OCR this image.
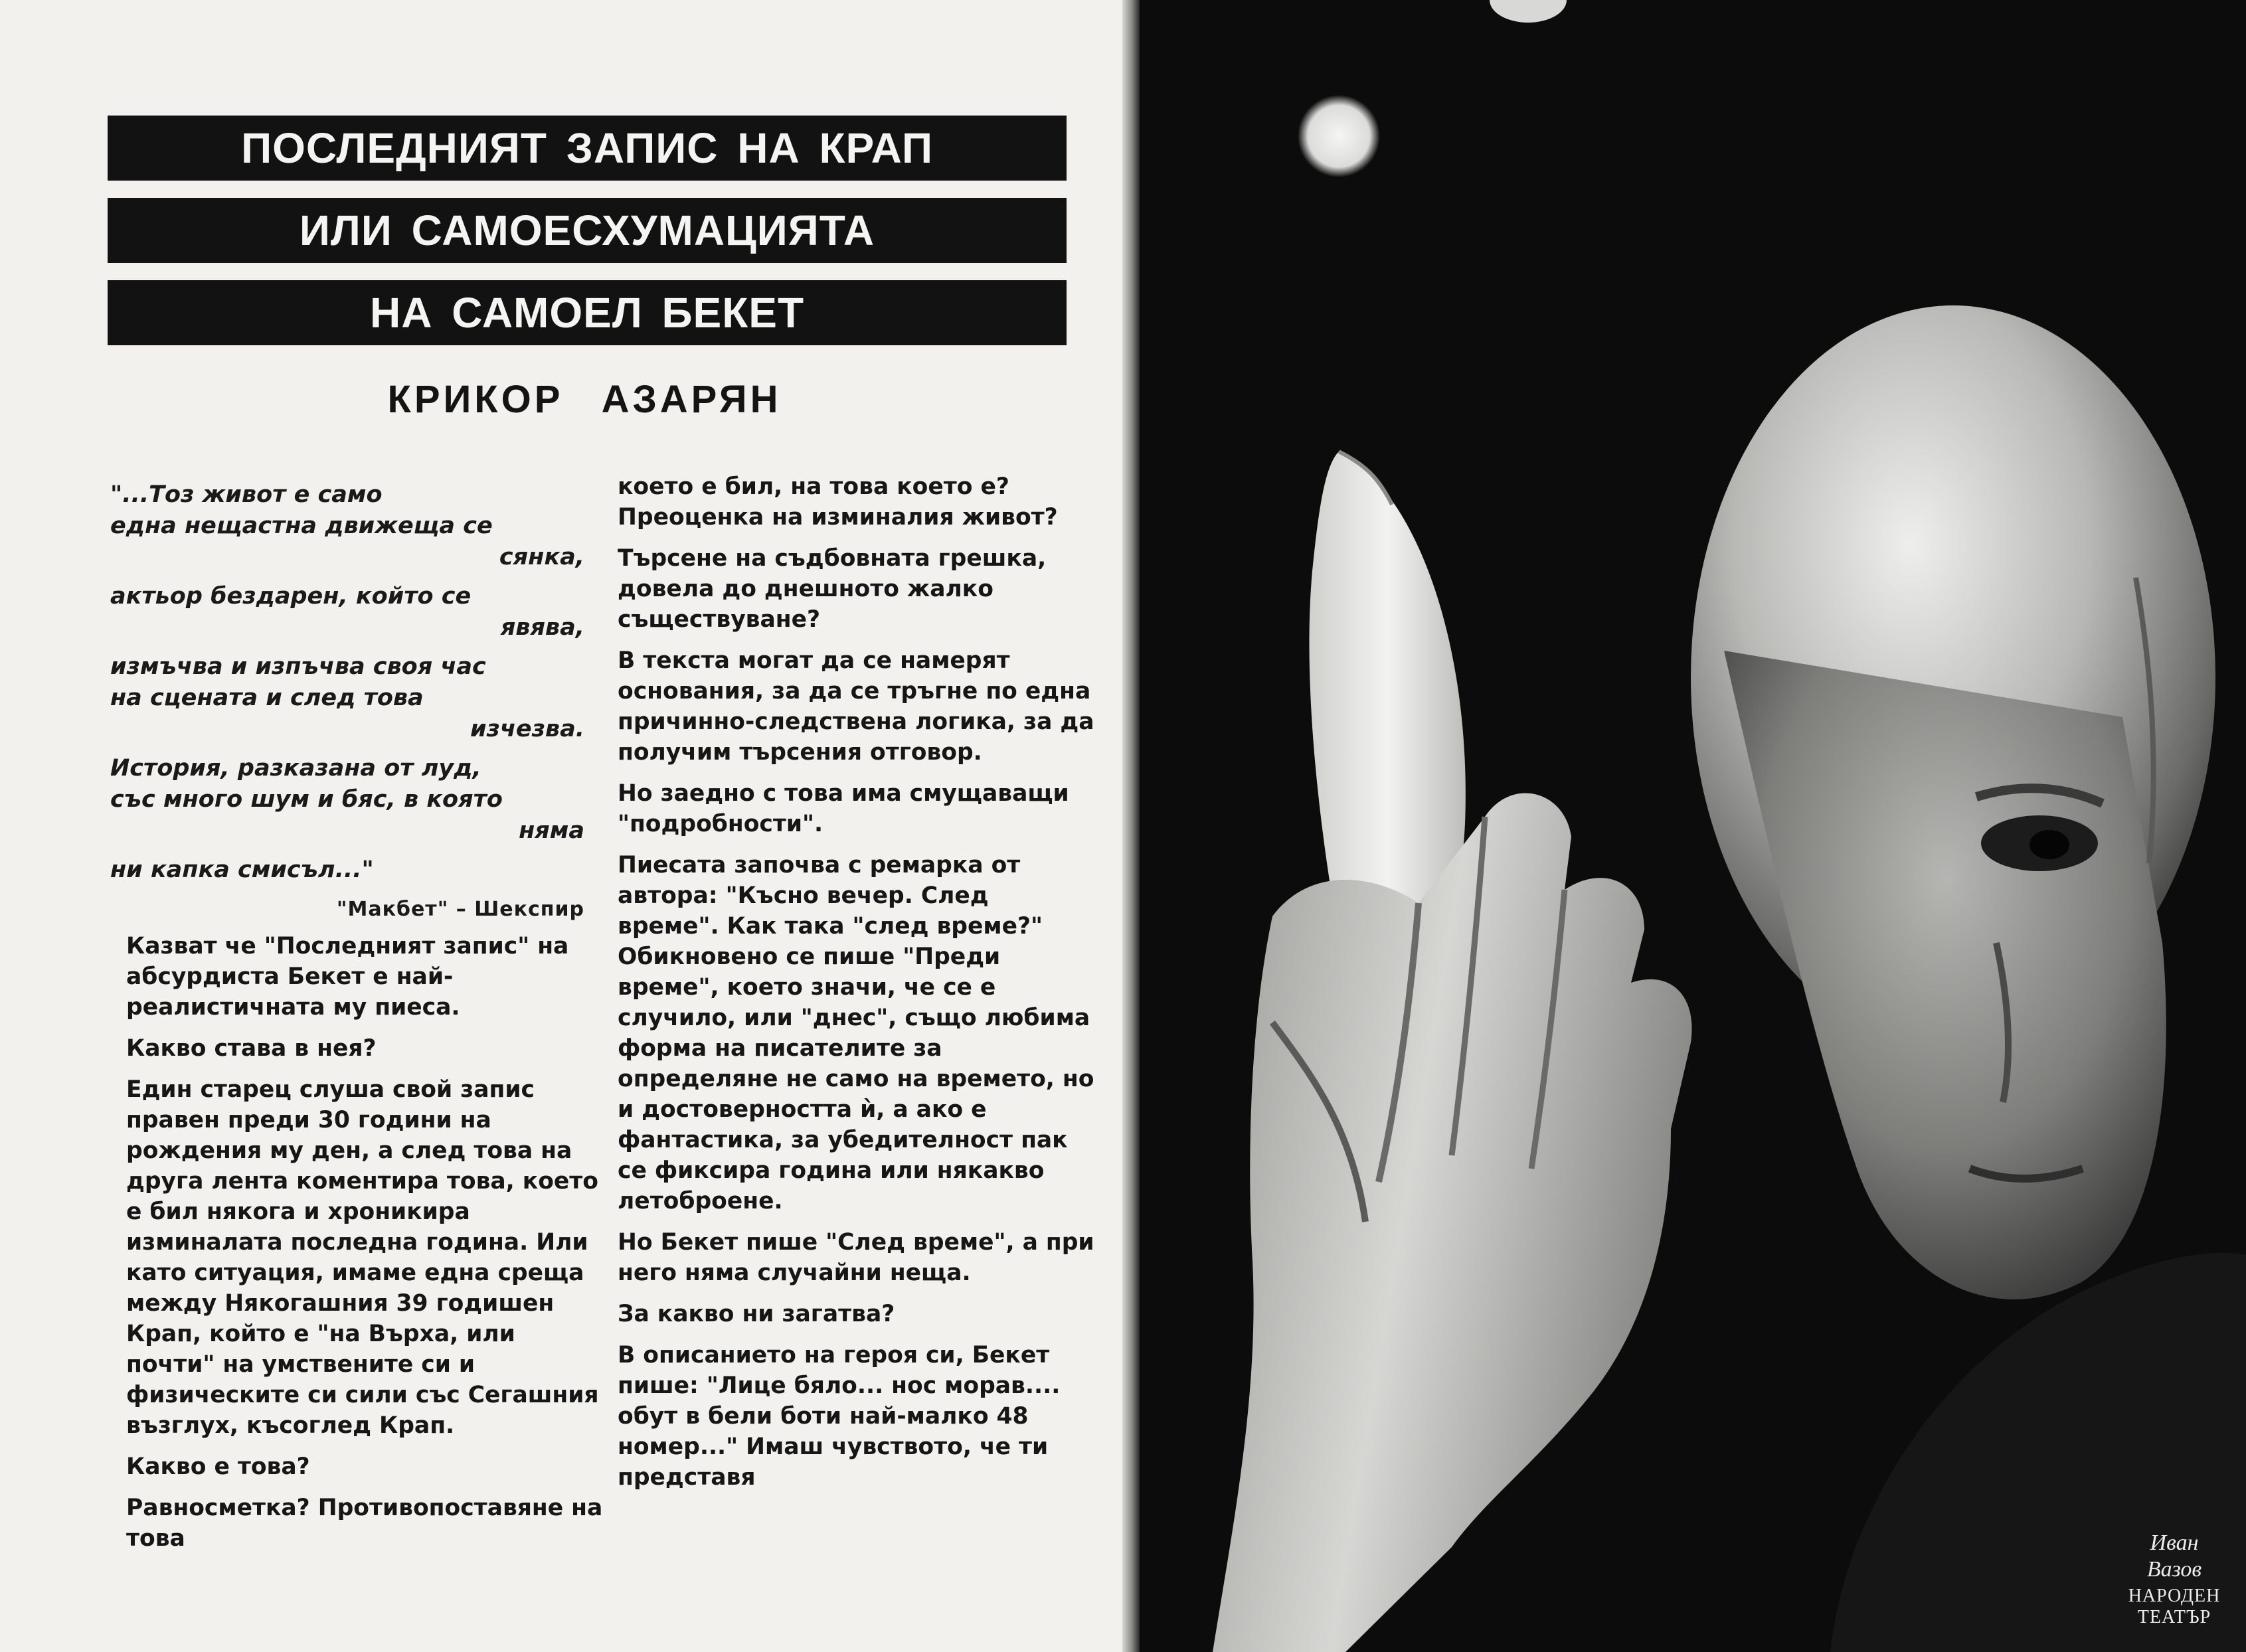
ПОСЛЕДНИЯТ ЗАПИС НА КРАП
ИЛИ САМОЕСХУМАЦИЯТА
НА САМОЕЛ БЕКЕТ
КРИКОР АЗАРЯН
"...Тоз живот е само
една нещастна движеща се
сянка,
актьор бездарен, който се
явява,
измъчва и изпъчва своя час
на сцената и след това
изчезва.
История, разказана от луд,
със много шум и бяс, в която
няма
ни капка смисъл..."
"Макбет" – Шекспир

Казват че "Последният запис" на абсурдиста Бекет е най-реалистичната му пиеса.

Какво става в нея?

Един старец слуша свой запис правен преди 30 години на рождения му ден, а след това на друга лента коментира това, което е бил някога и хроникира изминалата последна година. Или като ситуация, имаме една среща между Някогашния 39 годишен Крап, който е "на Върха, или почти" на умствените си и физическите си сили със Сегашния възглух, късоглед Крап.

Какво е това?

Равносметка? Противопоставяне на това

което е бил, на това което е? Преоценка на изминалия живот?

Търсене на съдбовната грешка, довела до днешното жалко съществуване?

В текста могат да се намерят основания, за да се тръгне по една причинно-следствена логика, за да получим търсения отговор.

Но заедно с това има смущаващи "подробности".

Пиесата започва с ремарка от автора: "Късно вечер. След време". Как така "след време?" Обикновено се пише "Преди време", което значи, че се е случило, или "днес", също любима форма на писателите за определяне не само на времето, но и достоверността ѝ, а ако е фантастика, за убедителност пак се фиксира година или някакво летоброене.

Но Бекет пише "След време", а при него няма случайни неща.

За какво ни загатва?

В описанието на героя си, Бекет пише: "Лице бяло... нос морав.... обут в бели боти най-малко 48 номер..." Имаш чувството, че ти представя

Иван Вазов
НАРОДЕН
ТЕАТЪР
